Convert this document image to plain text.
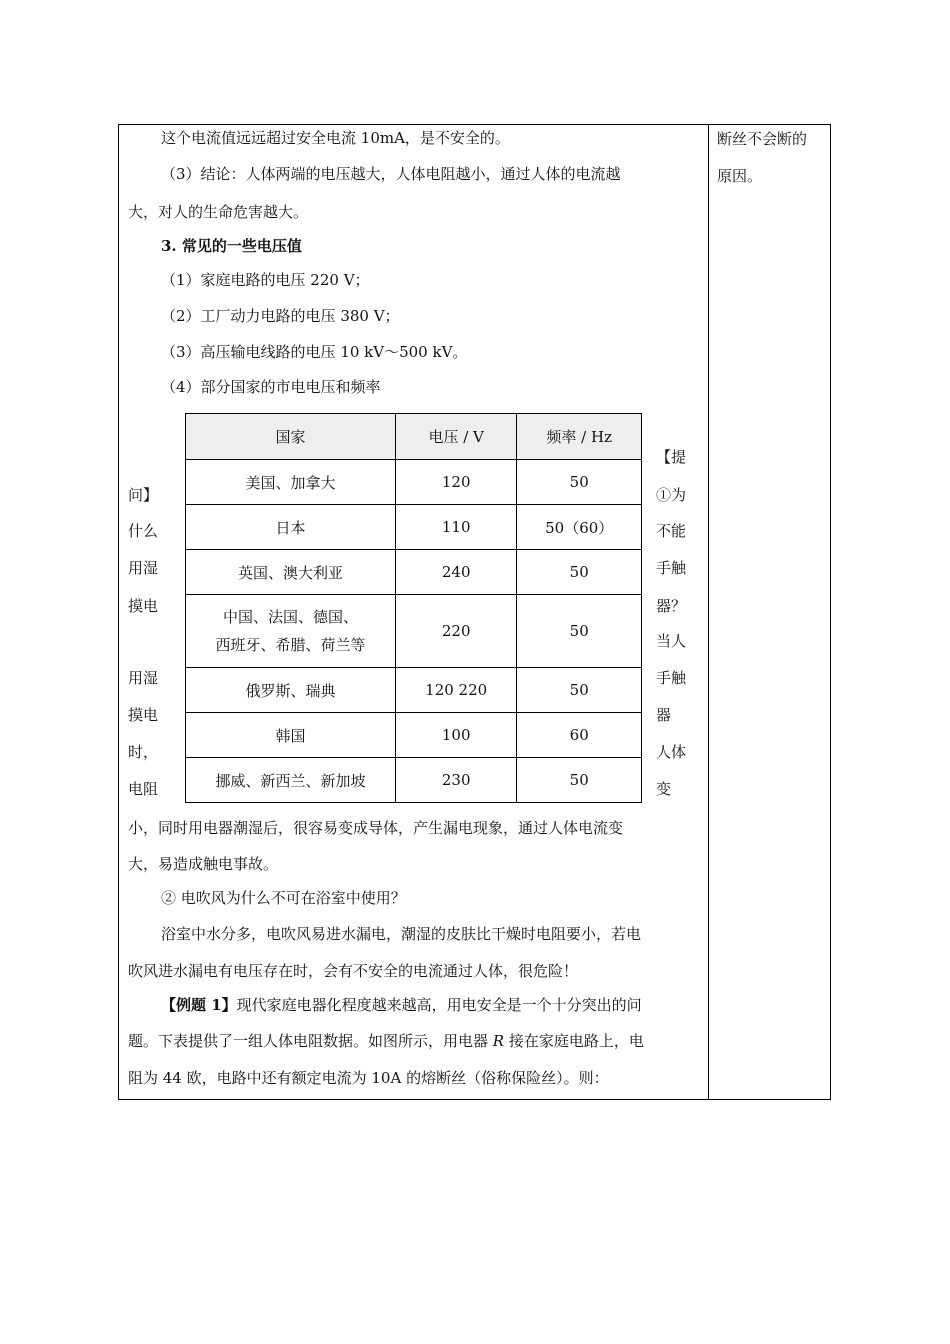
这个电流值远远超过安全电流 10mA，是不安全的。
（3）结论：人体两端的电压越大，人体电阻越小，通过人体的电流越
大，对人的生命危害越大。
3. 常见的一些电压值
（1）家庭电路的电压 220 V；
（2）工厂动力电路的电压 380 V；
（3）高压输电线路的电压 10 kV～500 kV。
（4）部分国家的市电电压和频率
国家	电压 / V	频率 / Hz
美国、加拿大	120	50
日本	110	50（60）
英国、澳大利亚	240	50
中国、法国、德国、
西班牙、希腊、荷兰等	220	50
俄罗斯、瑞典	120 220	50
韩国	100	60
挪威、新西兰、新加坡	230	50
问】
什么
用湿
摸电
用湿
摸电
时，
电阻
【提
①为
不能
手触
器？
当人
手触
器
人体
变
小，同时用电器潮湿后，很容易变成导体，产生漏电现象，通过人体电流变
大，易造成触电事故。
② 电吹风为什么不可在浴室中使用？
浴室中水分多，电吹风易进水漏电，潮湿的皮肤比干燥时电阻要小，若电
吹风进水漏电有电压存在时，会有不安全的电流通过人体，很危险！
【例题 1】现代家庭电器化程度越来越高，用电安全是一个十分突出的问
题。下表提供了一组人体电阻数据。如图所示，用电器 R 接在家庭电路上，电
阻为 44 欧，电路中还有额定电流为 10A 的熔断丝（俗称保险丝）。则：
断丝不会断的
原因。
